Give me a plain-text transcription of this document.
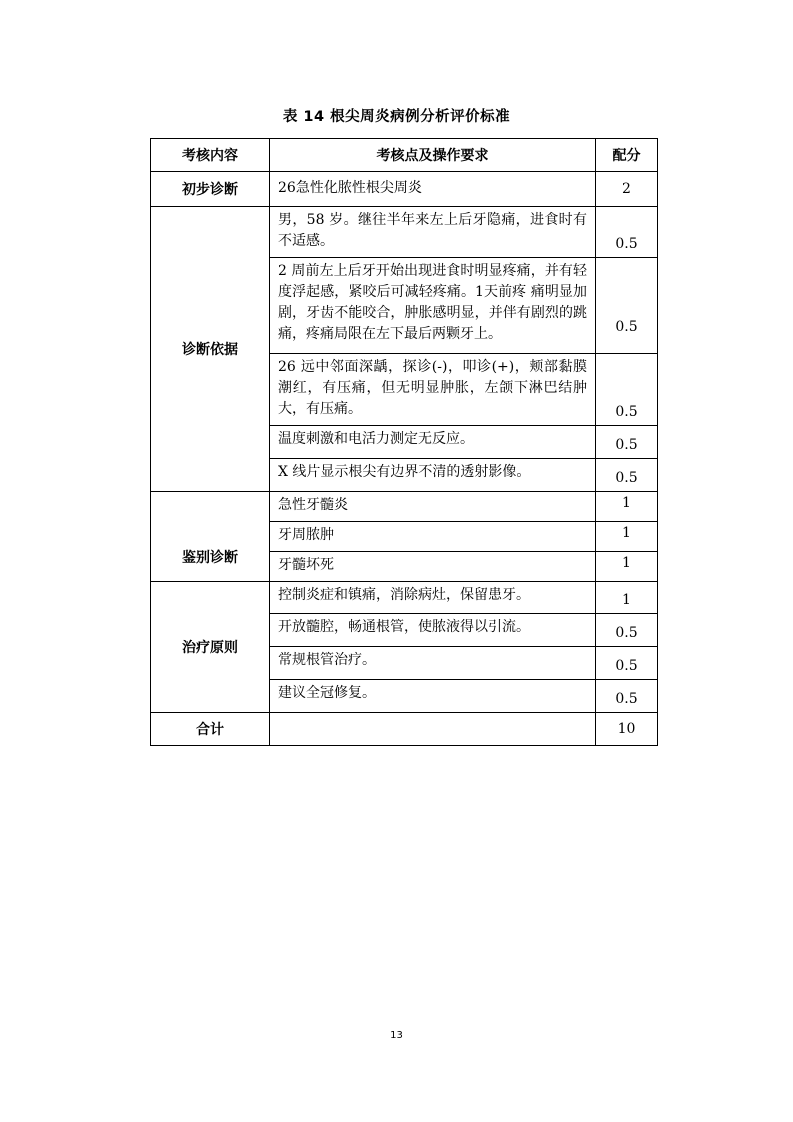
表 14 根尖周炎病例分析评价标准
考核内容	考核点及操作要求	配分
初步诊断	26急性化脓性根尖周炎	2
诊断依据	男，58 岁。继往半年来左上后牙隐痛，进食时有不适感。	0.5
	2 周前左上后牙开始出现进食时明显疼痛，并有轻度浮起感，紧咬后可减轻疼痛。1天前疼 痛明显加剧，牙齿不能咬合，肿胀感明显，并伴有剧烈的跳痛，疼痛局限在左下最后两颗牙上。	0.5
	26 远中邻面深龋，探诊(-)，叩诊(+)，颊部黏膜潮红，有压痛，但无明显肿胀，左颌下淋巴结肿大，有压痛。	0.5
	温度刺激和电活力测定无反应。	0.5
	X 线片显示根尖有边界不清的透射影像。	0.5
鉴别诊断	急性牙髓炎	1
	牙周脓肿	1
	牙髓坏死	1
治疗原则	控制炎症和镇痛，消除病灶，保留患牙。	1
	开放髓腔，畅通根管，使脓液得以引流。	0.5
	常规根管治疗。	0.5
	建议全冠修复。	0.5
合计		10
13
